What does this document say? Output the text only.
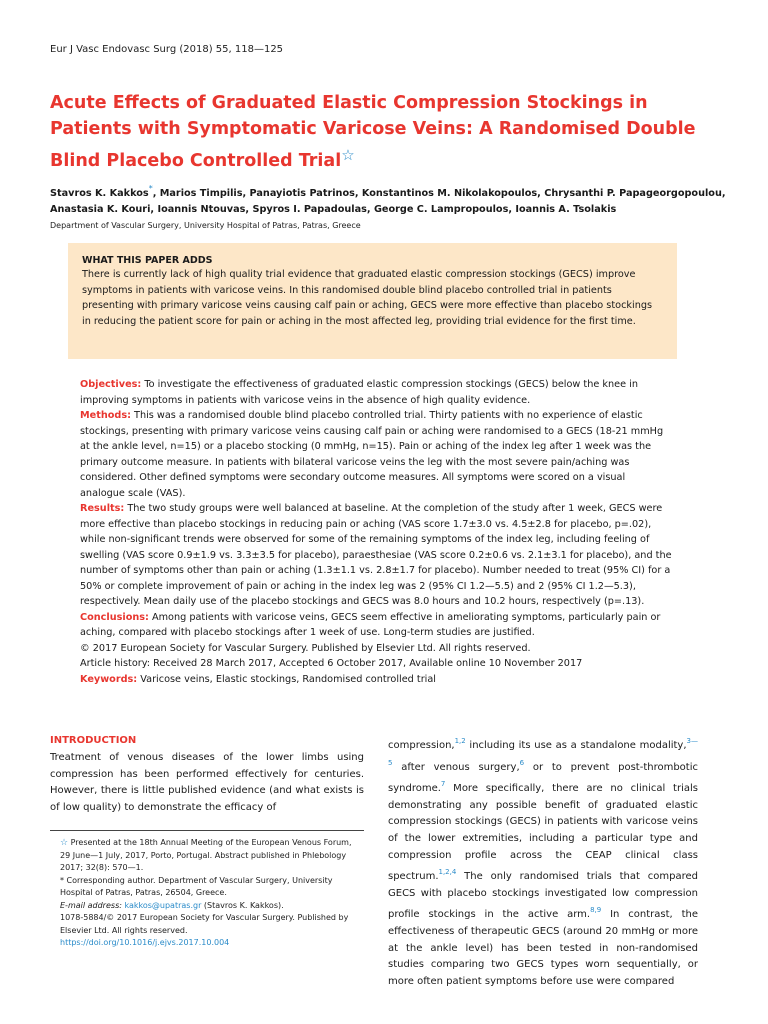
Eur J Vasc Endovasc Surg (2018) 55, 118—125
Acute Effects of Graduated Elastic Compression Stockings in Patients with Symptomatic Varicose Veins: A Randomised Double Blind Placebo Controlled Trial☆
Stavros K. Kakkos*, Marios Timpilis, Panayiotis Patrinos, Konstantinos M. Nikolakopoulos, Chrysanthi P. Papageorgopoulou,
Anastasia K. Kouri, Ioannis Ntouvas, Spyros I. Papadoulas, George C. Lampropoulos, Ioannis A. Tsolakis
Department of Vascular Surgery, University Hospital of Patras, Patras, Greece
WHAT THIS PAPER ADDS
There is currently lack of high quality trial evidence that graduated elastic compression stockings (GECS) improve symptoms in patients with varicose veins. In this randomised double blind placebo controlled trial in patients presenting with primary varicose veins causing calf pain or aching, GECS were more effective than placebo stockings in reducing the patient score for pain or aching in the most affected leg, providing trial evidence for the first time.

Objectives: To investigate the effectiveness of graduated elastic compression stockings (GECS) below the knee in improving symptoms in patients with varicose veins in the absence of high quality evidence.

Methods: This was a randomised double blind placebo controlled trial. Thirty patients with no experience of elastic stockings, presenting with primary varicose veins causing calf pain or aching were randomised to a GECS (18-21 mmHg at the ankle level, n=15) or a placebo stocking (0 mmHg, n=15). Pain or aching of the index leg after 1 week was the primary outcome measure. In patients with bilateral varicose veins the leg with the most severe pain/aching was considered. Other defined symptoms were secondary outcome measures. All symptoms were scored on a visual analogue scale (VAS).

Results: The two study groups were well balanced at baseline. At the completion of the study after 1 week, GECS were more effective than placebo stockings in reducing pain or aching (VAS score 1.7±3.0 vs. 4.5±2.8 for placebo, p=.02), while non-significant trends were observed for some of the remaining symptoms of the index leg, including feeling of swelling (VAS score 0.9±1.9 vs. 3.3±3.5 for placebo), paraesthesiae (VAS score 0.2±0.6 vs. 2.1±3.1 for placebo), and the number of symptoms other than pain or aching (1.3±1.1 vs. 2.8±1.7 for placebo). Number needed to treat (95% CI) for a 50% or complete improvement of pain or aching in the index leg was 2 (95% CI 1.2—5.5) and 2 (95% CI 1.2—5.3), respectively. Mean daily use of the placebo stockings and GECS was 8.0 hours and 10.2 hours, respectively (p=.13).

Conclusions: Among patients with varicose veins, GECS seem effective in ameliorating symptoms, particularly pain or aching, compared with placebo stockings after 1 week of use. Long-term studies are justified.

© 2017 European Society for Vascular Surgery. Published by Elsevier Ltd. All rights reserved.

Article history: Received 28 March 2017, Accepted 6 October 2017, Available online 10 November 2017

Keywords: Varicose veins, Elastic stockings, Randomised controlled trial

INTRODUCTION

Treatment of venous diseases of the lower limbs using compression has been performed effectively for centuries. However, there is little published evidence (and what exists is of low quality) to demonstrate the efficacy of

☆ Presented at the 18th Annual Meeting of the European Venous Forum, 29 June—1 July, 2017, Porto, Portugal. Abstract published in Phlebology 2017; 32(8): 570—1.

* Corresponding author. Department of Vascular Surgery, University Hospital of Patras, Patras, 26504, Greece.

E-mail address: kakkos@upatras.gr (Stavros K. Kakkos).

1078-5884/© 2017 European Society for Vascular Surgery. Published by Elsevier Ltd. All rights reserved.

https://doi.org/10.1016/j.ejvs.2017.10.004

compression,$^{1,2}$ including its use as a standalone modality,$^{3—5}$ after venous surgery,$^6$ or to prevent post-thrombotic syndrome.$^7$ More specifically, there are no clinical trials demonstrating any possible benefit of graduated elastic compression stockings (GECS) in patients with varicose veins of the lower extremities, including a particular type and compression profile across the CEAP clinical class spectrum.$^{1,2,4}$ The only randomised trials that compared GECS with placebo stockings investigated low compression profile stockings in the active arm.$^{8,9}$ In contrast, the effectiveness of therapeutic GECS (around 20 mmHg or more at the ankle level) has been tested in non-randomised studies comparing two GECS types worn sequentially, or more often patient symptoms before use were compared
